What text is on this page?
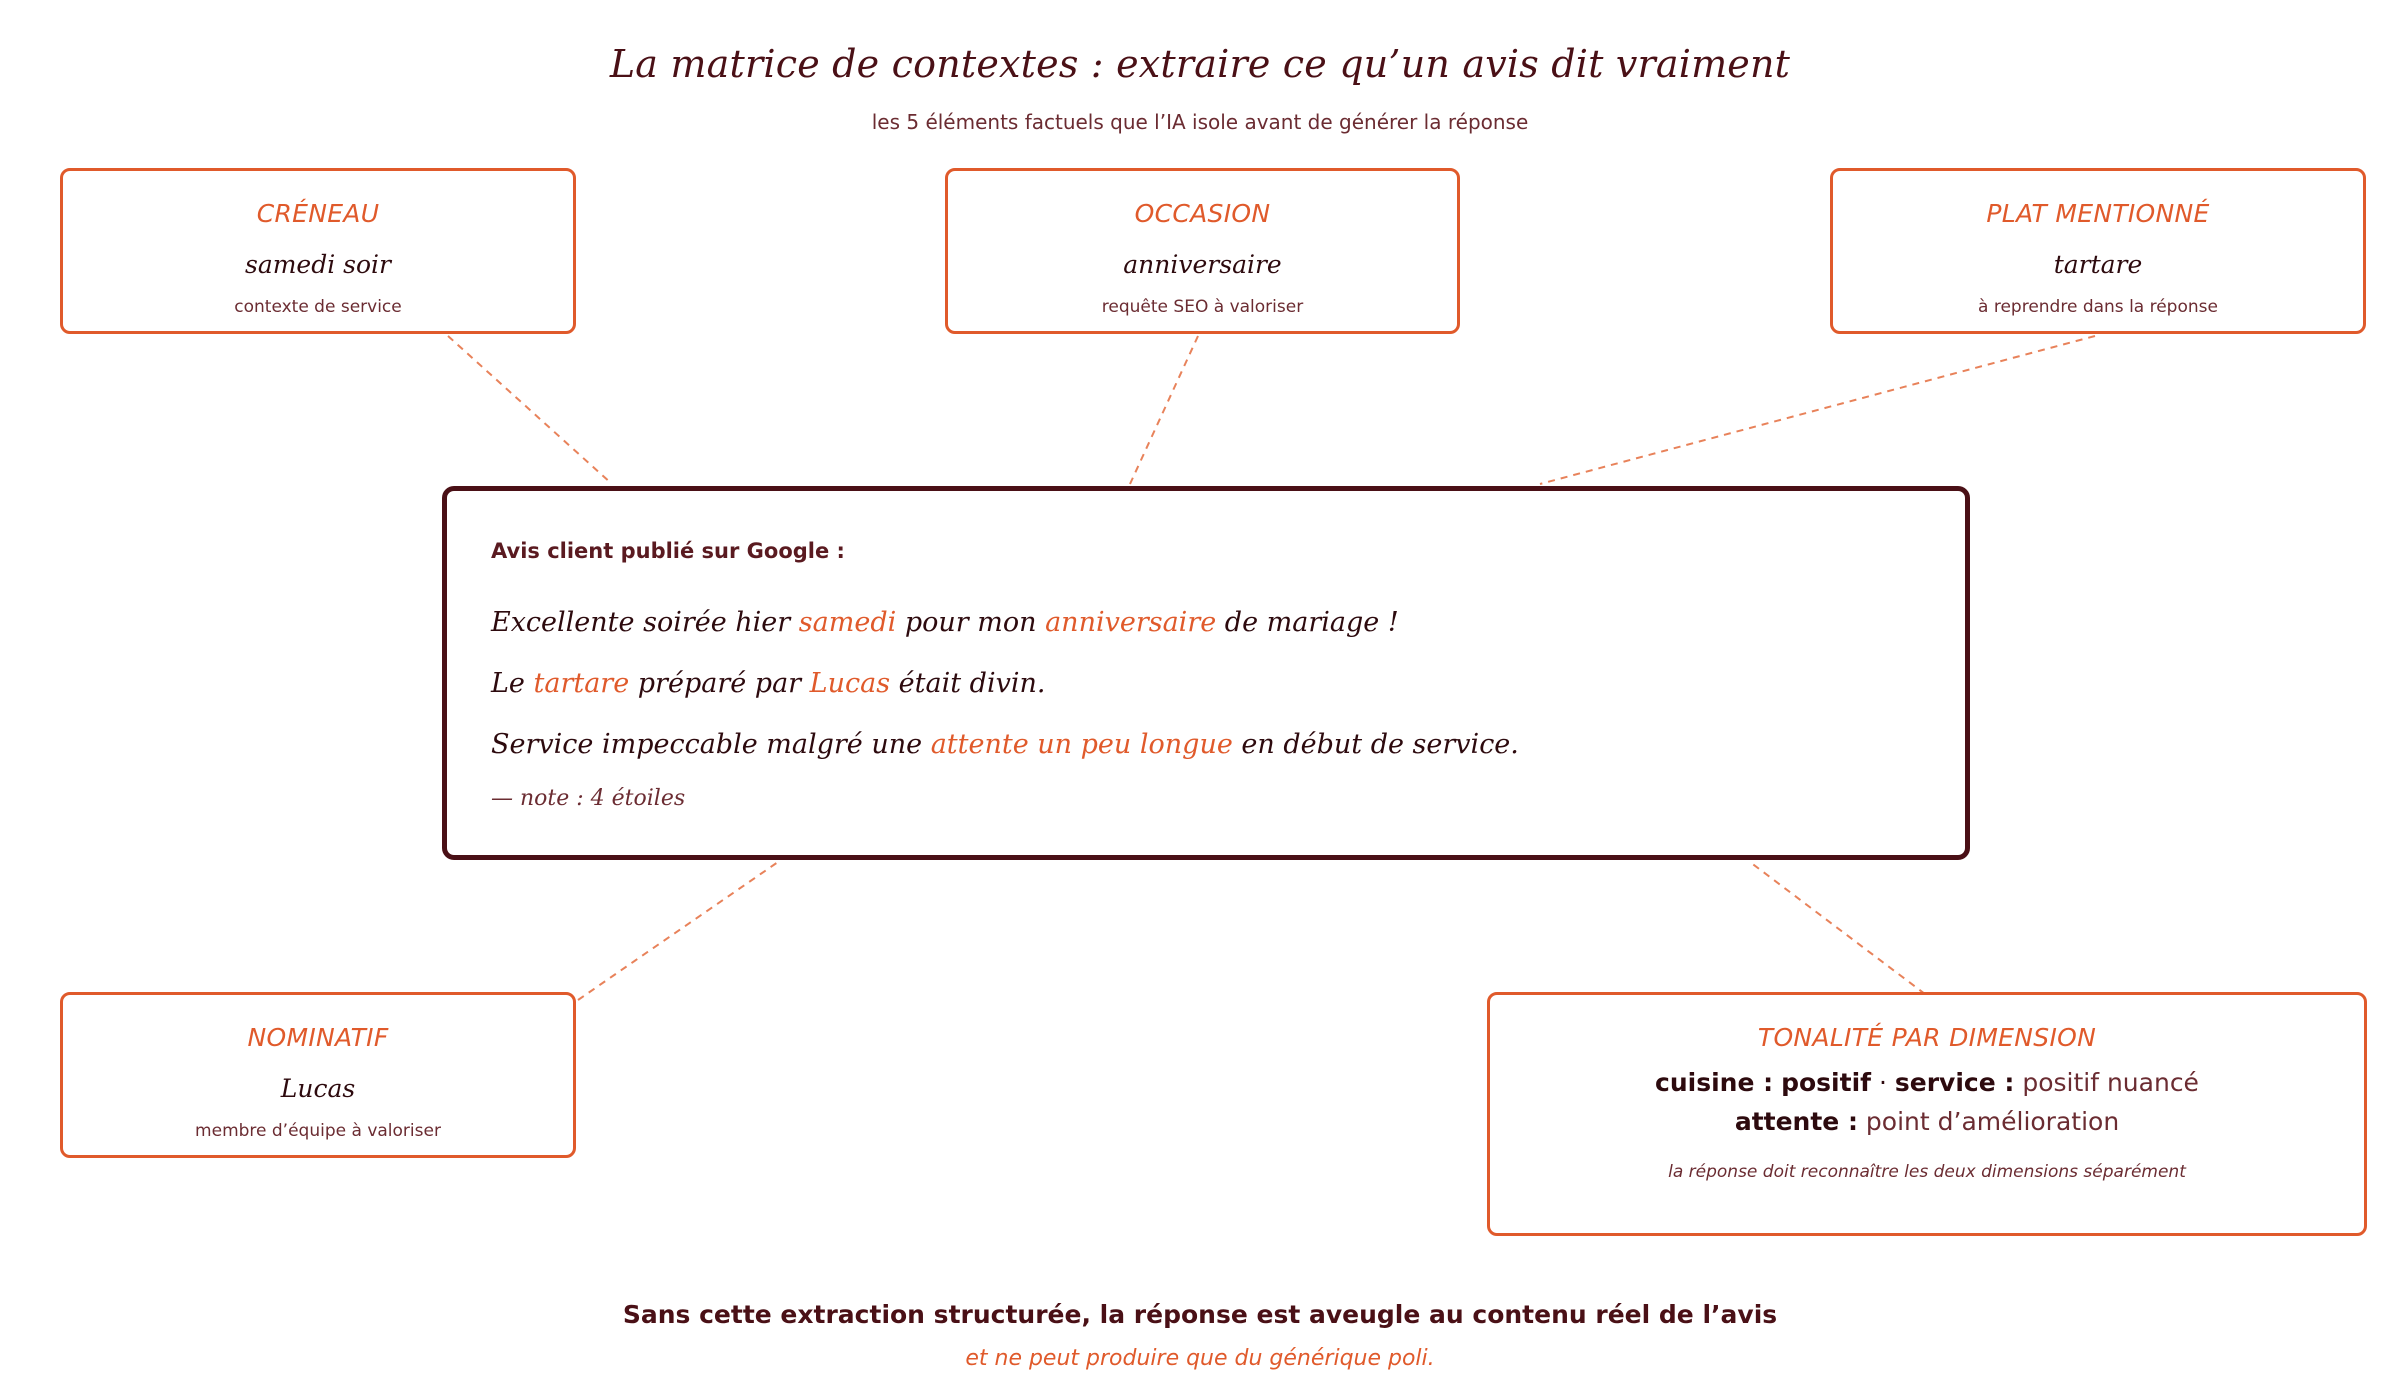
La matrice de contextes : extraire ce qu’un avis dit vraiment
les 5 éléments factuels que l’IA isole avant de générer la réponse
CRÉNEAU
samedi soir
contexte de service
OCCASION
anniversaire
requête SEO à valoriser
PLAT MENTIONNÉ
tartare
à reprendre dans la réponse
Avis client publié sur Google :
Excellente soirée hier samedi pour mon anniversaire de mariage !
Le tartare préparé par Lucas était divin.
Service impeccable malgré une attente un peu longue en début de service.
— note : 4 étoiles
NOMINATIF
Lucas
membre d’équipe à valoriser
TONALITÉ PAR DIMENSION
cuisine : positif · service : positif nuancé
attente : point d’amélioration
la réponse doit reconnaître les deux dimensions séparément
Sans cette extraction structurée, la réponse est aveugle au contenu réel de l’avis
et ne peut produire que du générique poli.
